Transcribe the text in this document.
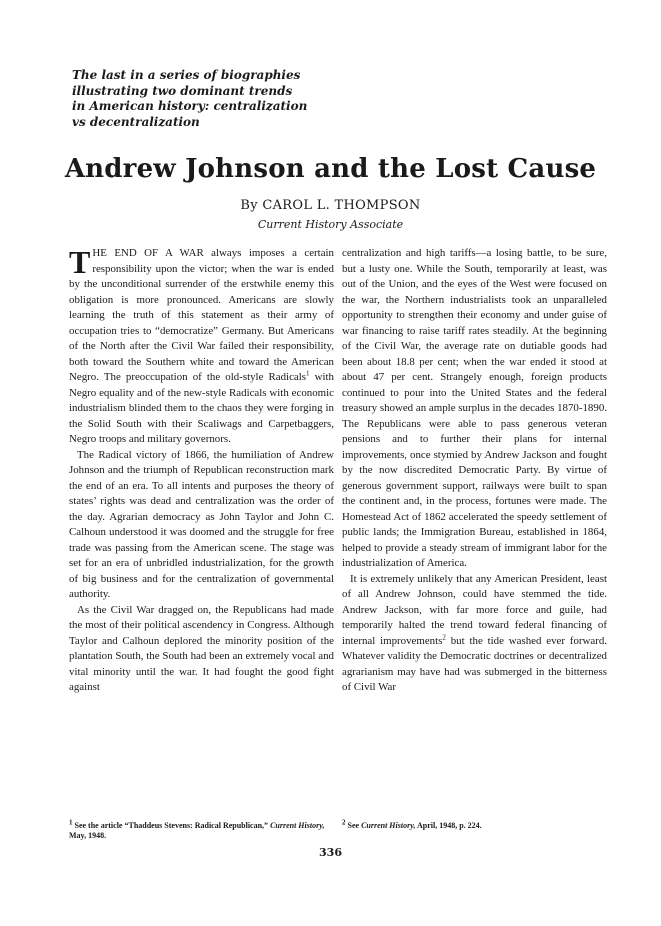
The last in a series of biographies
illustrating two dominant trends
in American history: centralization
vs decentralization
Andrew Johnson and the Lost Cause
By CAROL L. THOMPSON
Current History Associate

THE END OF A WAR always imposes a certain responsibility upon the victor; when the war is ended by the unconditional surrender of the erstwhile enemy this obligation is more pronounced. Americans are slowly learning the truth of this statement as their army of occupation tries to “democratize” Germany. But Americans of the North after the Civil War failed their responsibility, both toward the Southern white and toward the American Negro. The preoccupation of the old-style Radicals$^1$ with Negro equality and of the new-style Radicals with economic industrialism blinded them to the chaos they were forging in the Solid South with their Scaliwags and Carpetbaggers, Negro troops and military governors.

The Radical victory of 1866, the humiliation of Andrew Johnson and the triumph of Republican reconstruction mark the end of an era. To all intents and purposes the theory of states’ rights was dead and centralization was the order of the day. Agrarian democracy as John Taylor and John C. Calhoun understood it was doomed and the struggle for free trade was passing from the American scene. The stage was set for an era of unbridled industrialization, for the growth of big business and for the centralization of governmental authority.

As the Civil War dragged on, the Republicans had made the most of their political ascendency in Congress. Although Taylor and Calhoun deplored the minority position of the plantation South, the South had been an extremely vocal and vital minority until the war. It had fought the good fight against

centralization and high tariffs—a losing battle, to be sure, but a lusty one. While the South, temporarily at least, was out of the Union, and the eyes of the West were focused on the war, the Northern industrialists took an unparalleled opportunity to strengthen their economy and under guise of war financing to raise tariff rates steadily. At the beginning of the Civil War, the average rate on dutiable goods had been about 18.8 per cent; when the war ended it stood at about 47 per cent. Strangely enough, foreign products continued to pour into the United States and the federal treasury showed an ample surplus in the decades 1870-1890. The Republicans were able to pass generous veteran pensions and to further their plans for internal improvements, once stymied by Andrew Jackson and fought by the now discredited Democratic Party. By virtue of generous government support, railways were built to span the continent and, in the process, fortunes were made. The Homestead Act of 1862 accelerated the speedy settlement of public lands; the Immigration Bureau, established in 1864, helped to provide a steady stream of immigrant labor for the industrialization of America.

It is extremely unlikely that any American President, least of all Andrew Johnson, could have stemmed the tide. Andrew Jackson, with far more force and guile, had temporarily halted the trend toward federal financing of internal improvements$^2$ but the tide washed ever forward. Whatever validity the Democratic doctrines or decentralized agrarianism may have had was submerged in the bitterness of Civil War

1 See the article “Thaddeus Stevens: Radical Republican,” Current History, May, 1948.
2 See Current History, April, 1948, p. 224.
336
